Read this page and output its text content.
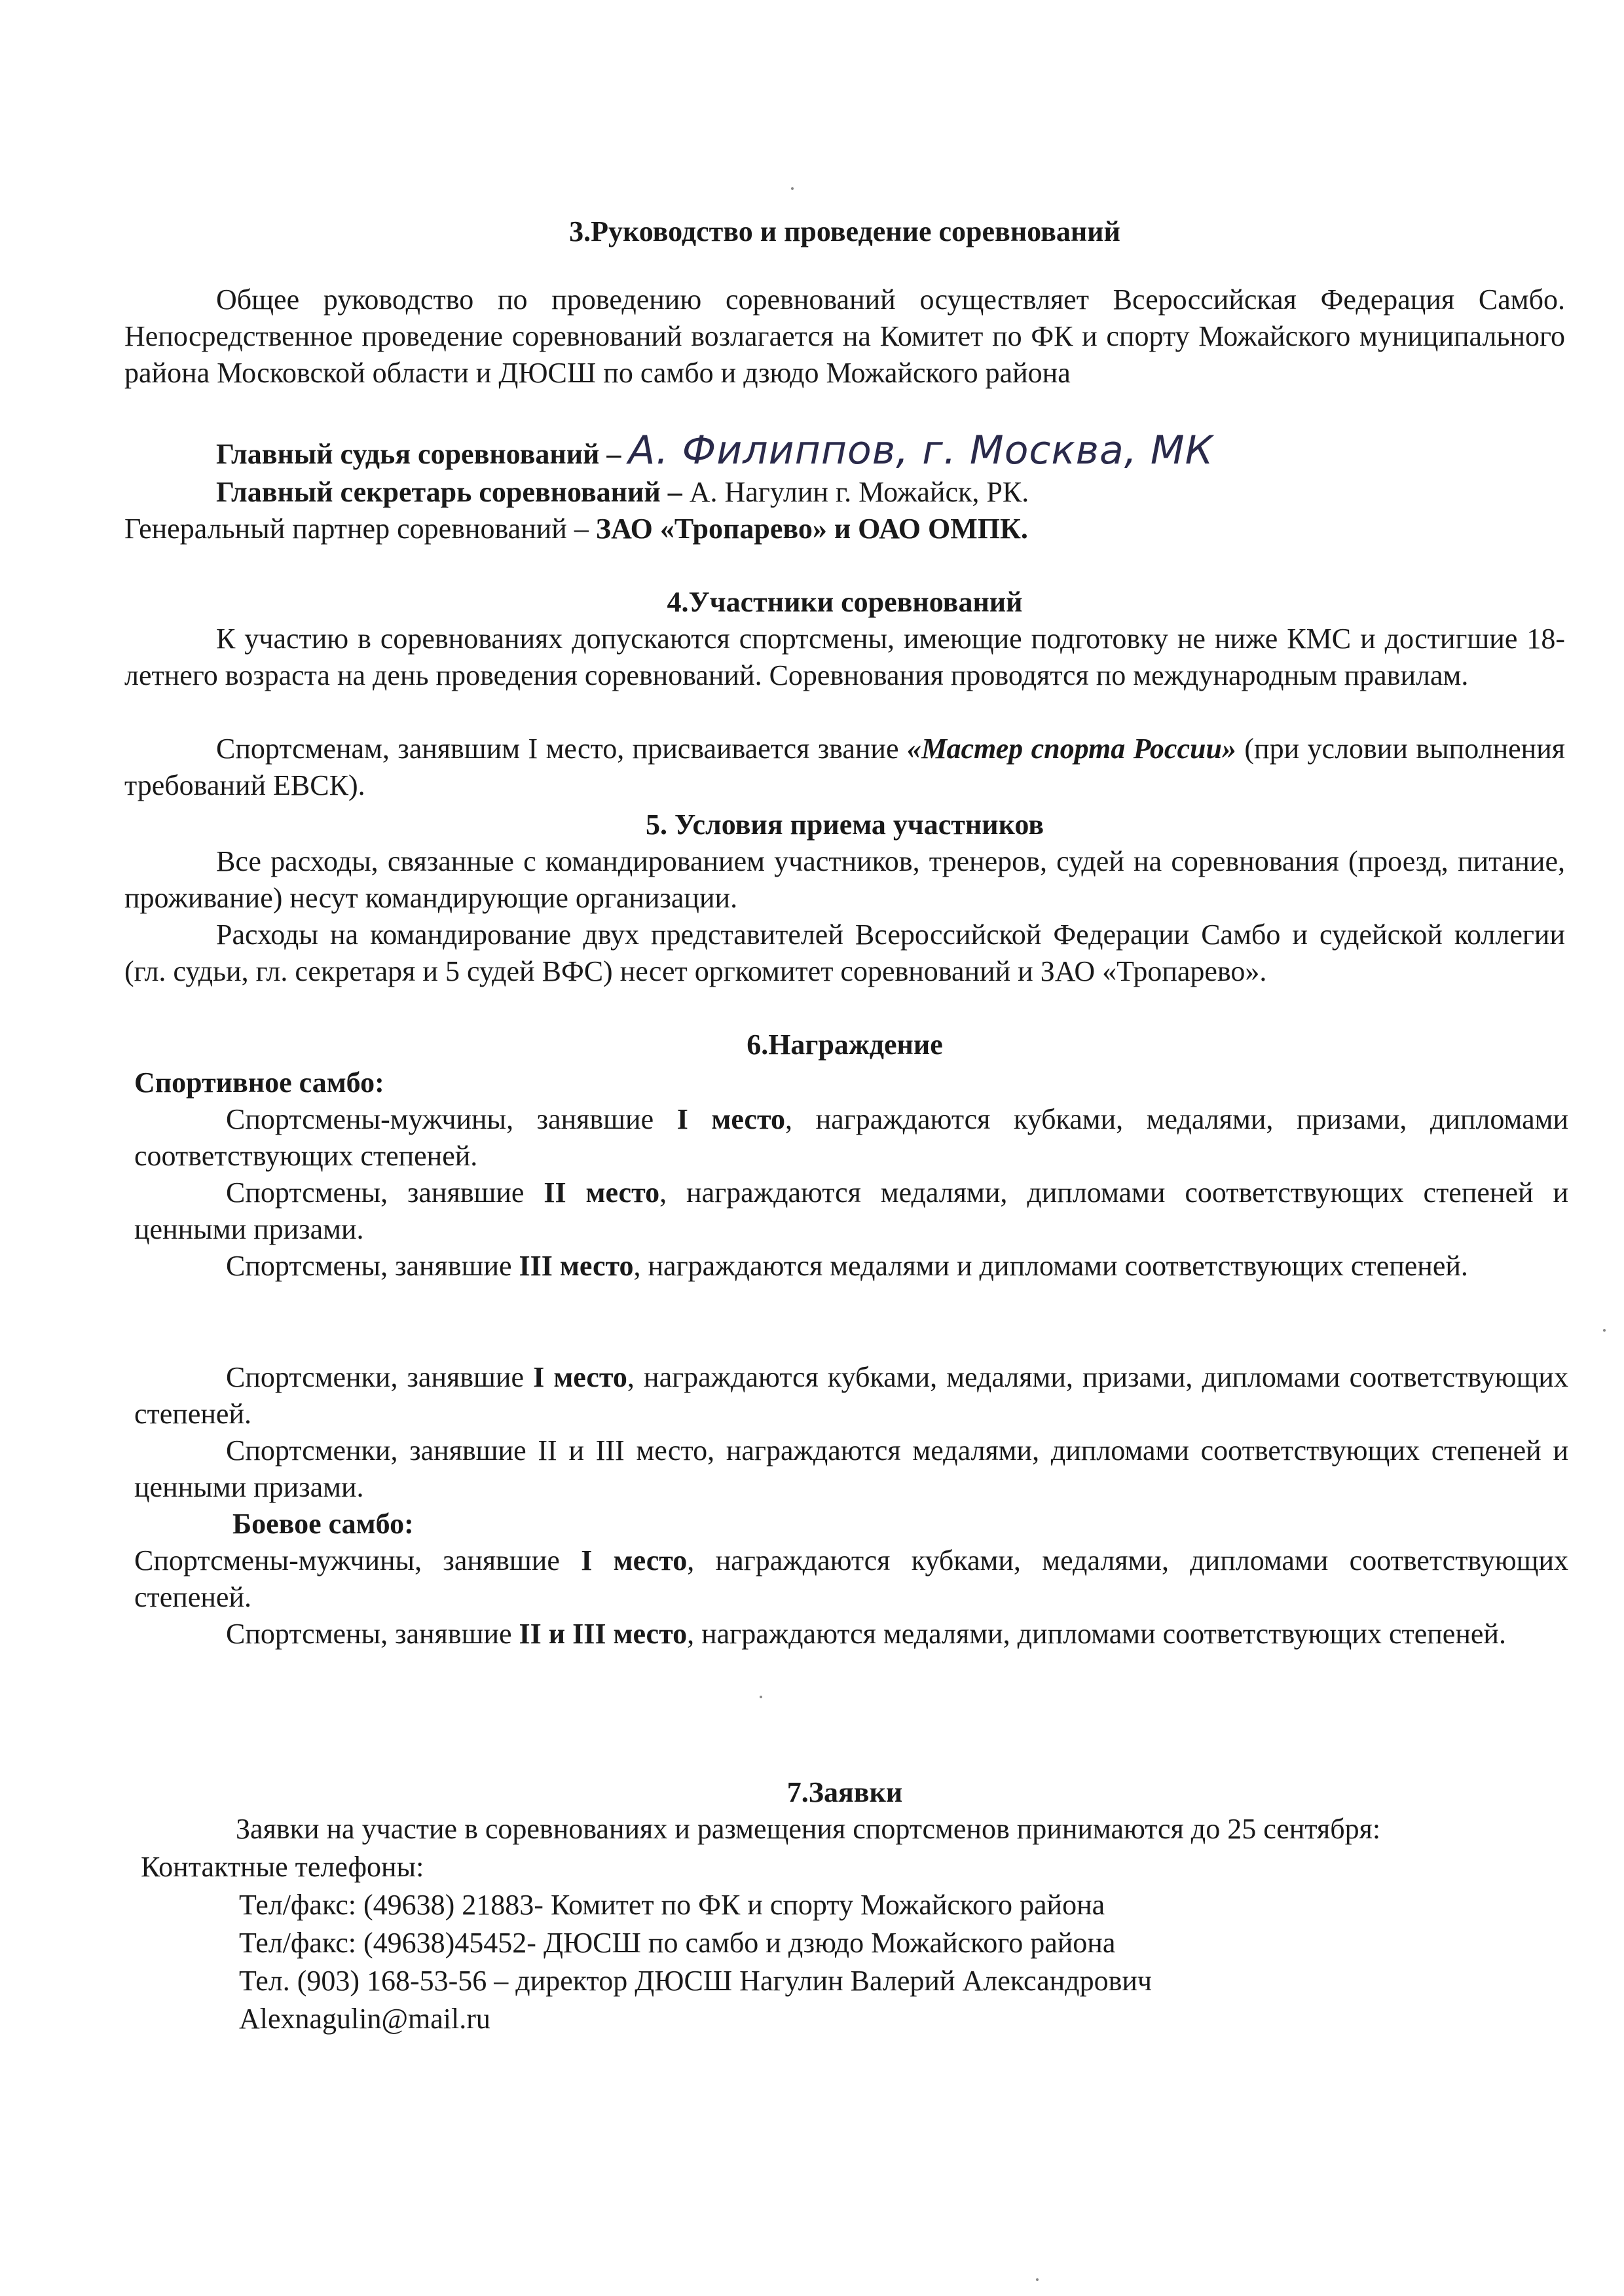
3.Руководство и проведение соревнований
Общее руководство по проведению соревнований осуществляет Всероссийская Федерация Самбо. Непосредственное проведение соревнований возлагается на Комитет по ФК и спорту Можайского муниципального района Московской области и ДЮСШ по самбо и дзюдо Можайского района
Главный судья соревнований – А. Филиппов, г. Москва, МК
Главный секретарь соревнований – А. Нагулин г. Можайск, РК.
Генеральный партнер соревнований – ЗАО «Тропарево» и ОАО ОМПК.
4.Участники соревнований
К участию в соревнованиях допускаются спортсмены, имеющие подготовку не ниже КМС и достигшие 18-летнего возраста на день проведения соревнований. Соревнования проводятся по международным правилам.
Спортсменам, занявшим I место, присваивается звание «Мастер спорта России» (при условии выполнения требований ЕВСК).
5. Условия приема участников
Все расходы, связанные с командированием участников, тренеров, судей на соревнования (проезд, питание, проживание) несут командирующие организации.
Расходы на командирование двух представителей Всероссийской Федерации Самбо и судейской коллегии (гл. судьи, гл. секретаря и 5 судей ВФС) несет оргкомитет соревнований и ЗАО «Тропарево».
6.Награждение
Спортивное самбо:
Спортсмены-мужчины, занявшие I место, награждаются кубками, медалями, призами, дипломами соответствующих степеней.
Спортсмены, занявшие II место, награждаются медалями, дипломами соответствующих степеней и ценными призами.
Спортсмены, занявшие III место, награждаются медалями и дипломами соответствующих степеней.
Спортсменки, занявшие I место, награждаются кубками, медалями, призами, дипломами соответствующих степеней.
Спортсменки, занявшие II и III место, награждаются медалями, дипломами соответствующих степеней и ценными призами.
Боевое самбо:
Спортсмены-мужчины, занявшие I место, награждаются кубками, медалями, дипломами соответствующих степеней.
Спортсмены, занявшие II и III место, награждаются медалями, дипломами соответствующих степеней.
7.Заявки
Заявки на участие в соревнованиях и размещения спортсменов принимаются до 25 сентября:
Контактные телефоны:
Тел/факс: (49638) 21883- Комитет по ФК и спорту Можайского района
Тел/факс: (49638)45452- ДЮСШ по самбо и дзюдо Можайского района
Тел. (903) 168-53-56 – директор ДЮСШ Нагулин Валерий Александрович
Alexnagulin@mail.ru
